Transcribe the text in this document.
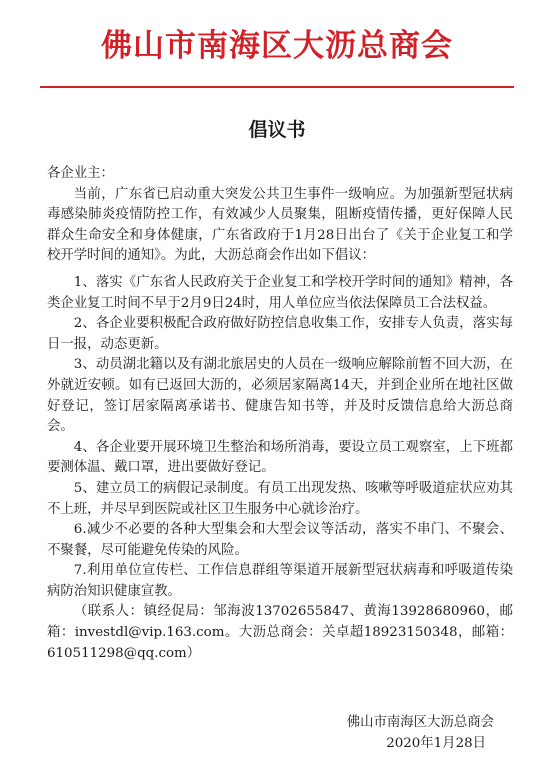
佛山市南海区大沥总商会
倡议书

各企业主：

当前，广东省已启动重大突发公共卫生事件一级响应。为加强新型冠状病毒感染肺炎疫情防控工作，有效减少人员聚集，阻断疫情传播，更好保障人民群众生命安全和身体健康，广东省政府于1月28日出台了《关于企业复工和学校开学时间的通知》。为此，大沥总商会作出如下倡议：

1、落实《广东省人民政府关于企业复工和学校开学时间的通知》精神，各类企业复工时间不早于2月9日24时，用人单位应当依法保障员工合法权益。

2、各企业要积极配合政府做好防控信息收集工作，安排专人负责，落实每日一报，动态更新。

3、动员湖北籍以及有湖北旅居史的人员在一级响应解除前暂不回大沥，在外就近安顿。如有已返回大沥的，必须居家隔离14天，并到企业所在地社区做好登记，签订居家隔离承诺书、健康告知书等，并及时反馈信息给大沥总商会。

4、各企业要开展环境卫生整治和场所消毒，要设立员工观察室，上下班都要测体温、戴口罩，进出要做好登记。

5、建立员工的病假记录制度。有员工出现发热、咳嗽等呼吸道症状应劝其不上班，并尽早到医院或社区卫生服务中心就诊治疗。

6.减少不必要的各种大型集会和大型会议等活动，落实不串门、不聚会、不聚餐，尽可能避免传染的风险。

7.利用单位宣传栏、工作信息群组等渠道开展新型冠状病毒和呼吸道传染病防治知识健康宣教。

（联系人：镇经促局：邹海波13702655847、黄海13928680960，邮箱：investdl@vip.163.com。大沥总商会：关卓超18923150348，邮箱：610511298@qq.com）

佛山市南海区大沥总商会
2020年1月28日
